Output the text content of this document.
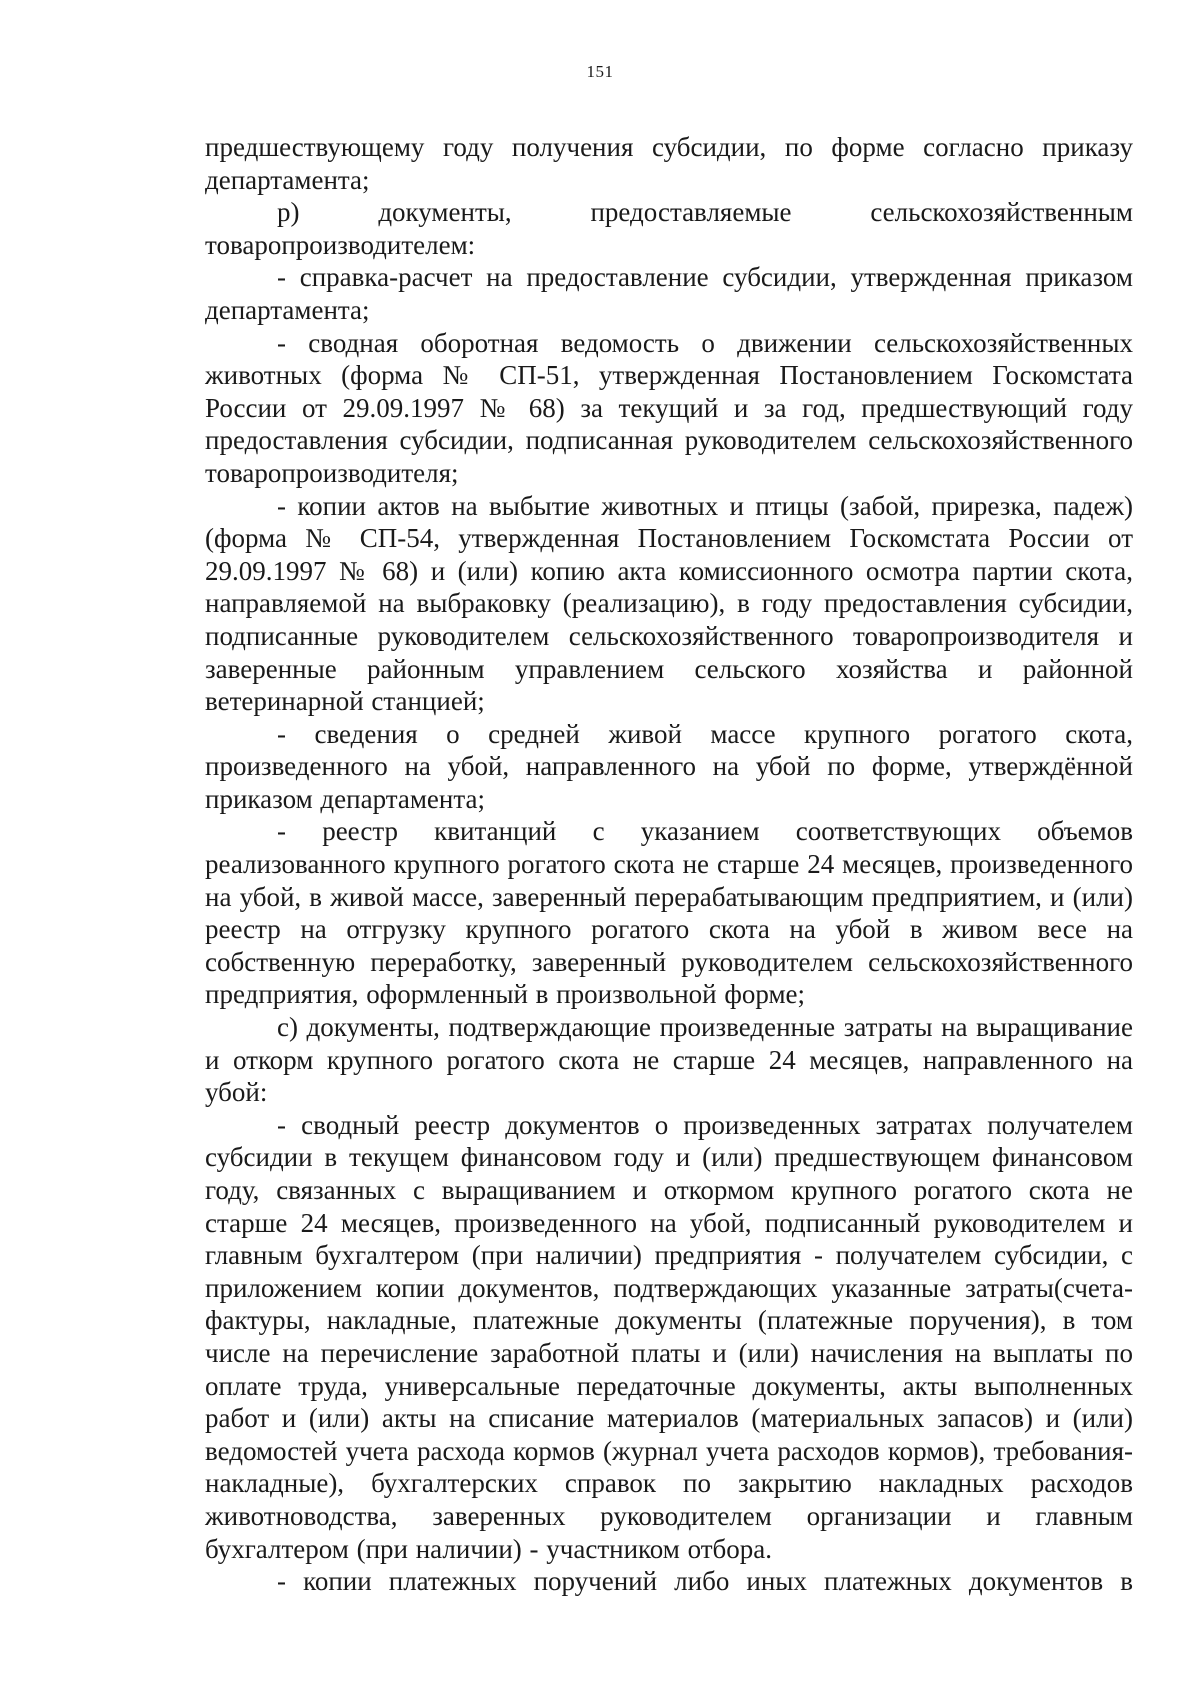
151

предшествующему году получения субсидии, по форме согласно приказу департамента;

р) документы, предоставляемые сельскохозяйственным товаропроизводителем:

- справка-расчет на предоставление субсидии, утвержденная приказом департамента;

- сводная оборотная ведомость о движении сельскохозяйственных животных (форма № СП-51, утвержденная Постановлением Госкомстата России от 29.09.1997 № 68) за текущий и за год, предшествующий году предоставления субсидии, подписанная руководителем сельскохозяйственного товаропроизводителя;

- копии актов на выбытие животных и птицы (забой, прирезка, падеж) (форма № СП-54, утвержденная Постановлением Госкомстата России от 29.09.1997 № 68) и (или) копию акта комиссионного осмотра партии скота, направляемой на выбраковку (реализацию), в году предоставления субсидии, подписанные руководителем сельскохозяйственного товаропроизводителя и заверенные районным управлением сельского хозяйства и районной ветеринарной станцией;

- сведения о средней живой массе крупного рогатого скота, произведенного на убой, направленного на убой по форме, утверждённой приказом департамента;

- реестр квитанций с указанием соответствующих объемов реализованного крупного рогатого скота не старше 24 месяцев, произведенного на убой, в живой массе, заверенный перерабатывающим предприятием, и (или) реестр на отгрузку крупного рогатого скота на убой в живом весе на собственную переработку, заверенный руководителем сельскохозяйственного предприятия, оформленный в произвольной форме;

с) документы, подтверждающие произведенные затраты на выращивание и откорм крупного рогатого скота не старше 24 месяцев, направленного на убой:

- сводный реестр документов о произведенных затратах получателем субсидии в текущем финансовом году и (или) предшествующем финансовом году, связанных с выращиванием и откормом крупного рогатого скота не старше 24 месяцев, произведенного на убой, подписанный руководителем и главным бухгалтером (при наличии) предприятия - получателем субсидии, с приложением копии документов, подтверждающих указанные затраты(счета-фактуры, накладные, платежные документы (платежные поручения), в том числе на перечисление заработной платы и (или) начисления на выплаты по оплате труда, универсальные передаточные документы, акты выполненных работ и (или) акты на списание материалов (материальных запасов) и (или) ведомостей учета расхода кормов (журнал учета расходов кормов), требования-накладные), бухгалтерских справок по закрытию накладных расходов животноводства, заверенных руководителем организации и главным бухгалтером (при наличии) - участником отбора.

- копии платежных поручений либо иных платежных документов в
